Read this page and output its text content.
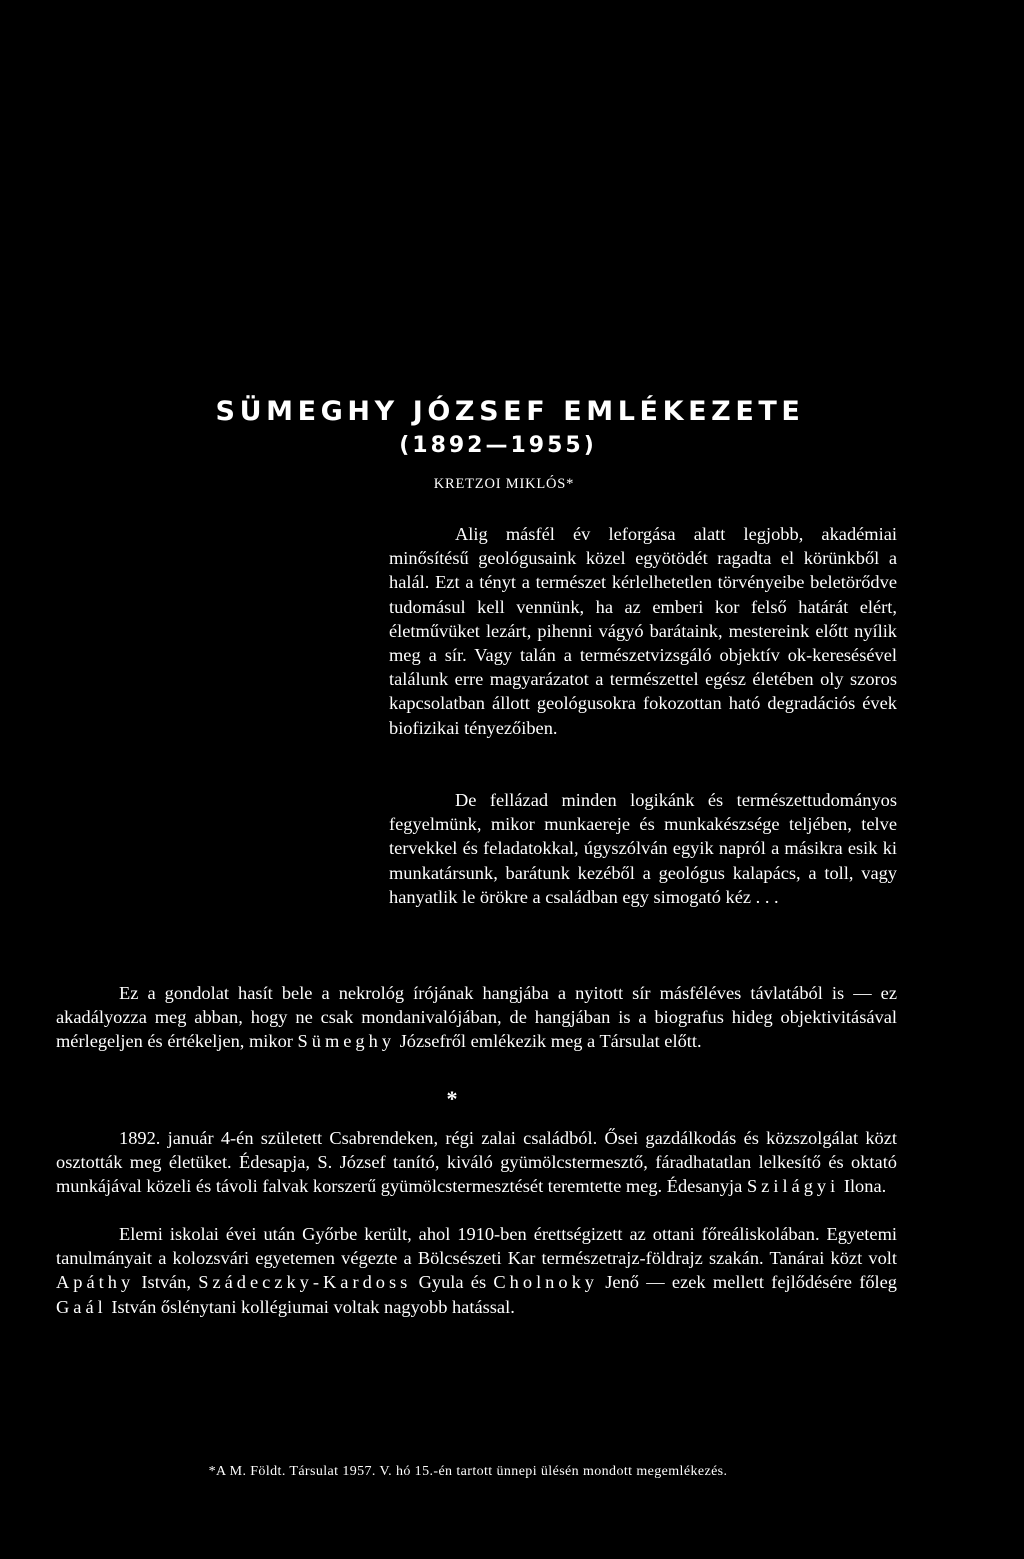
SÜMEGHY JÓZSEF EMLÉKEZETE
(1892—1955)

KRETZOI MIKLÓS*

Alig másfél év leforgása alatt legjobb, akadémiai minősítésű geológusaink közel egyötödét ragadta el körünkből a halál. Ezt a tényt a természet kérlelhetetlen törvényeibe beletörődve tudomásul kell vennünk, ha az emberi kor felső határát elért, életművüket lezárt, pihenni vágyó barátaink, mestereink előtt nyílik meg a sír. Vagy talán a természetvizsgáló objektív ok-keresésével találunk erre magyarázatot a természettel egész életében oly szoros kapcsolatban állott geológusokra fokozottan ható degradációs évek biofizikai tényezőiben.

De fellázad minden logikánk és természettudományos fegyelmünk, mikor munkaereje és munkakészsége teljében, telve tervekkel és feladatokkal, úgyszólván egyik napról a másikra esik ki munkatársunk, barátunk kezéből a geológus kalapács, a toll, vagy hanyatlik le örökre a családban egy simogató kéz . . .

Ez a gondolat hasít bele a nekrológ írójának hangjába a nyitott sír másféléves távlatából is — ez akadályozza meg abban, hogy ne csak mondanivalójában, de hangjában is a biografus hideg objektivitásával mérlegeljen és értékeljen, mikor Sümeghy Józsefről emlékezik meg a Társulat előtt.

*

1892. január 4-én született Csabrendeken, régi zalai családból. Ősei gazdálkodás és közszolgálat közt osztották meg életüket. Édesapja, S. József tanító, kiváló gyümölcstermesztő, fáradhatatlan lelkesítő és oktató munkájával közeli és távoli falvak korszerű gyümölcstermesztését teremtette meg. Édesanyja Szilágyi Ilona.

Elemi iskolai évei után Győrbe került, ahol 1910-ben érettségizett az ottani főreáliskolában. Egyetemi tanulmányait a kolozsvári egyetemen végezte a Bölcsészeti Kar természetrajz-földrajz szakán. Tanárai közt volt Apáthy István, Szádeczky-Kardoss Gyula és Cholnoky Jenő — ezek mellett fejlődésére főleg Gaál István őslénytani kollégiumai voltak nagyobb hatással.

*A M. Földt. Társulat 1957. V. hó 15.-én tartott ünnepi ülésén mondott megemlékezés.
